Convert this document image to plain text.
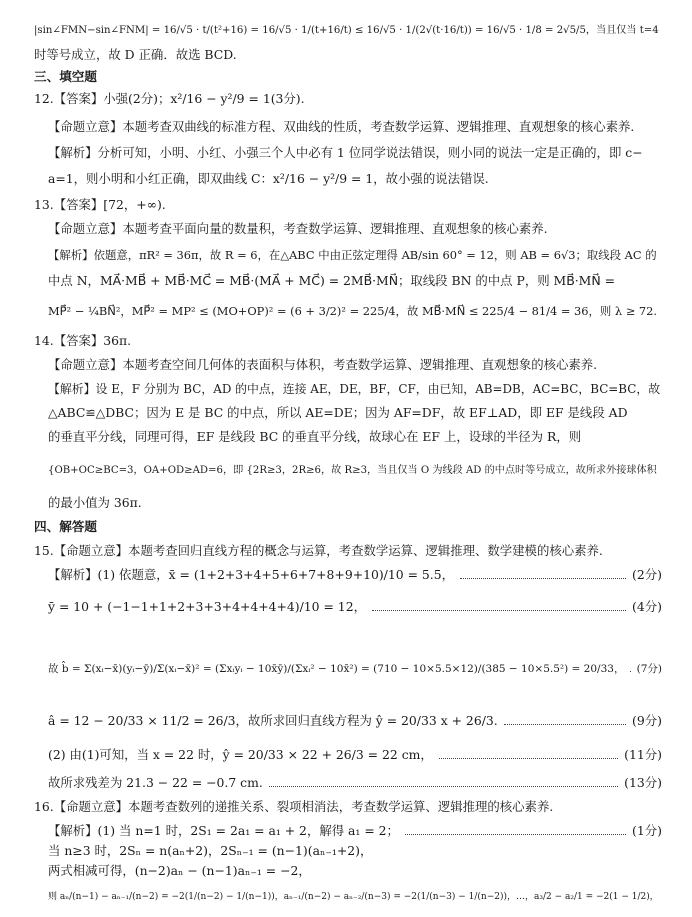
|sin∠FMN−sin∠FNM| = 16/√5 · t/(t²+16) = 16/√5 · 1/(t+16/t) ≤ 16/√5 · 1/(2√(t·16/t)) = 16/√5 · 1/8 = 2√5/5，当且仅当 t=4
时等号成立，故 D 正确．故选 BCD.
三、填空题
12.【答案】小强(2分)；x²/16 − y²/9 = 1(3分).
【命题立意】本题考查双曲线的标准方程、双曲线的性质，考查数学运算、逻辑推理、直观想象的核心素养.
【解析】分析可知，小明、小红、小强三个人中必有 1 位同学说法错误，则小同的说法一定是正确的，即 c−
a=1，则小明和小红正确，即双曲线 C：x²/16 − y²/9 = 1，故小强的说法错误.
13.【答案】[72，+∞).
【命题立意】本题考查平面向量的数量积，考查数学运算、逻辑推理、直观想象的核心素养.
【解析】依题意，πR² = 36π，故 R = 6，在△ABC 中由正弦定理得 AB/sin 60° = 12，则 AB = 6√3；取线段 AC 的
中点 N，MA⃗·MB⃗ + MB⃗·MC⃗ = MB⃗·(MA⃗ + MC⃗) = 2MB⃗·MN⃗；取线段 BN 的中点 P，则 MB⃗·MN⃗ =
MP⃗² − ¼BN⃗²，MP⃗² = MP² ≤ (MO+OP)² = (6 + 3/2)² = 225/4，故 MB⃗·MN⃗ ≤ 225/4 − 81/4 = 36，则 λ ≥ 72.
14.【答案】36π.
【命题立意】本题考查空间几何体的表面积与体积，考查数学运算、逻辑推理、直观想象的核心素养.
【解析】设 E，F 分别为 BC，AD 的中点，连接 AE，DE，BF，CF，由已知，AB=DB，AC=BC，BC=BC，故
△ABC≌△DBC；因为 E 是 BC 的中点，所以 AE=DE；因为 AF=DF，故 EF⊥AD，即 EF 是线段 AD
的垂直平分线，同理可得，EF 是线段 BC 的垂直平分线，故球心在 EF 上，设球的半径为 R，则
{OB+OC≥BC=3，OA+OD≥AD=6，即 {2R≥3，2R≥6，故 R≥3，当且仅当 O 为线段 AD 的中点时等号成立，故所求外接球体积
的最小值为 36π.
四、解答题
15.【命题立意】本题考查回归直线方程的概念与运算，考查数学运算、逻辑推理、数学建模的核心素养.
【解析】(1) 依题意，x̄ = (1+2+3+4+5+6+7+8+9+10)/10 = 5.5，	(2分)
ȳ = 10 + (−1−1+1+2+3+3+4+4+4+4)/10 = 12，	(4分)
故 b̂ = Σ(xᵢ−x̄)(yᵢ−ȳ)/Σ(xᵢ−x̄)² = (Σxᵢyᵢ − 10x̄ȳ)/(Σxᵢ² − 10x̄²) = (710 − 10×5.5×12)/(385 − 10×5.5²) = 20/33， (7分)
â = 12 − 20/33 × 11/2 = 26/3，故所求回归直线方程为 ŷ = 20/33 x + 26/3.	(9分)
(2) 由(1)可知，当 x = 22 时，ŷ = 20/33 × 22 + 26/3 = 22 cm，	(11分)
故所求残差为 21.3 − 22 = −0.7 cm.	(13分)
16.【命题立意】本题考查数列的递推关系、裂项相消法，考查数学运算、逻辑推理的核心素养.
【解析】(1) 当 n=1 时，2S₁ = 2a₁ = a₁ + 2，解得 a₁ = 2；	(1分)
当 n≥3 时，2Sₙ = n(aₙ+2)，2Sₙ₋₁ = (n−1)(aₙ₋₁+2)，
两式相减可得，(n−2)aₙ − (n−1)aₙ₋₁ = −2，
则 aₙ/(n−1) − aₙ₋₁/(n−2) = −2(1/(n−2) − 1/(n−1))，aₙ₋₁/(n−2) − aₙ₋₂/(n−3) = −2(1/(n−3) − 1/(n−2))，…，a₃/2 − a₂/1 = −2(1 − 1/2)，
